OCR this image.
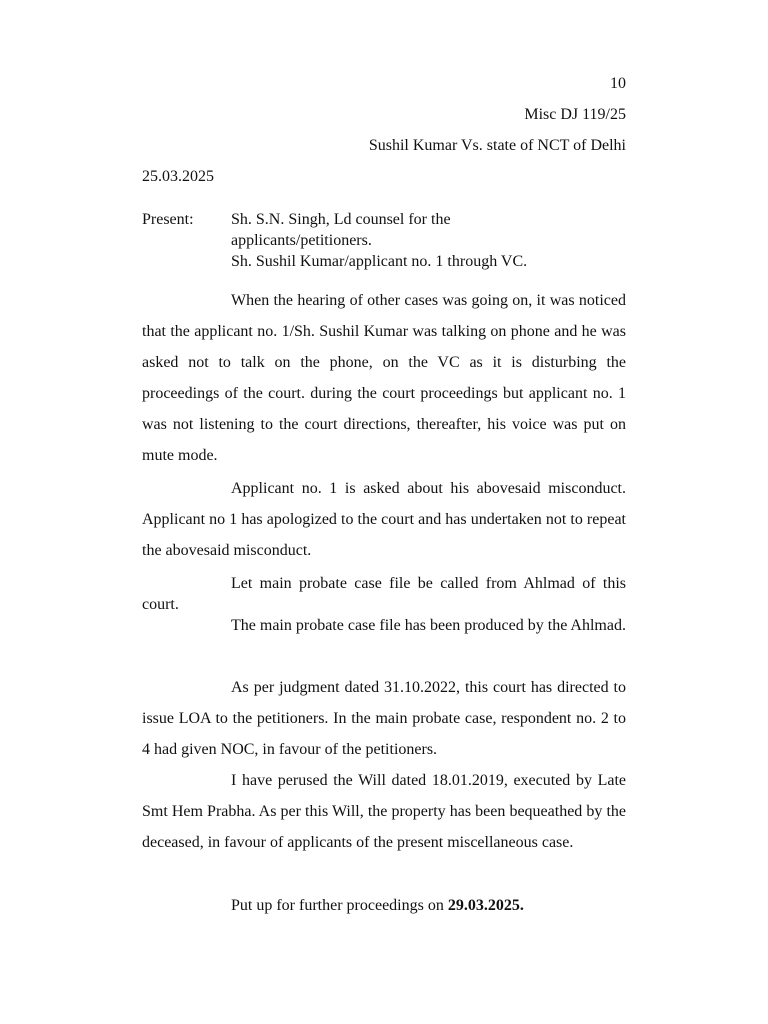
10
Misc DJ 119/25
Sushil Kumar Vs. state of NCT of Delhi
25.03.2025
Present: Sh. S.N. Singh, Ld counsel for the
applicants/petitioners.
Sh. Sushil Kumar/applicant no. 1 through VC.

When the hearing of other cases was going on, it was noticed that the applicant no. 1/Sh. Sushil Kumar was talking on phone and he was asked not to talk on the phone, on the VC as it is disturbing the proceedings of the court. during the court proceedings but applicant no. 1 was not listening to the court directions, thereafter, his voice was put on mute mode.

Applicant no. 1 is asked about his abovesaid misconduct. Applicant no 1 has apologized to the court and has undertaken not to repeat the abovesaid misconduct.

Let main probate case file be called from Ahlmad of this court.

The main probate case file has been produced by the Ahlmad.

As per judgment dated 31.10.2022, this court has directed to issue LOA to the petitioners. In the main probate case, respondent no. 2 to 4 had given NOC, in favour of the petitioners.

I have perused the Will dated 18.01.2019, executed by Late Smt Hem Prabha. As per this Will, the property has been bequeathed by the deceased, in favour of applicants of the present miscellaneous case.

Put up for further proceedings on 29.03.2025.
